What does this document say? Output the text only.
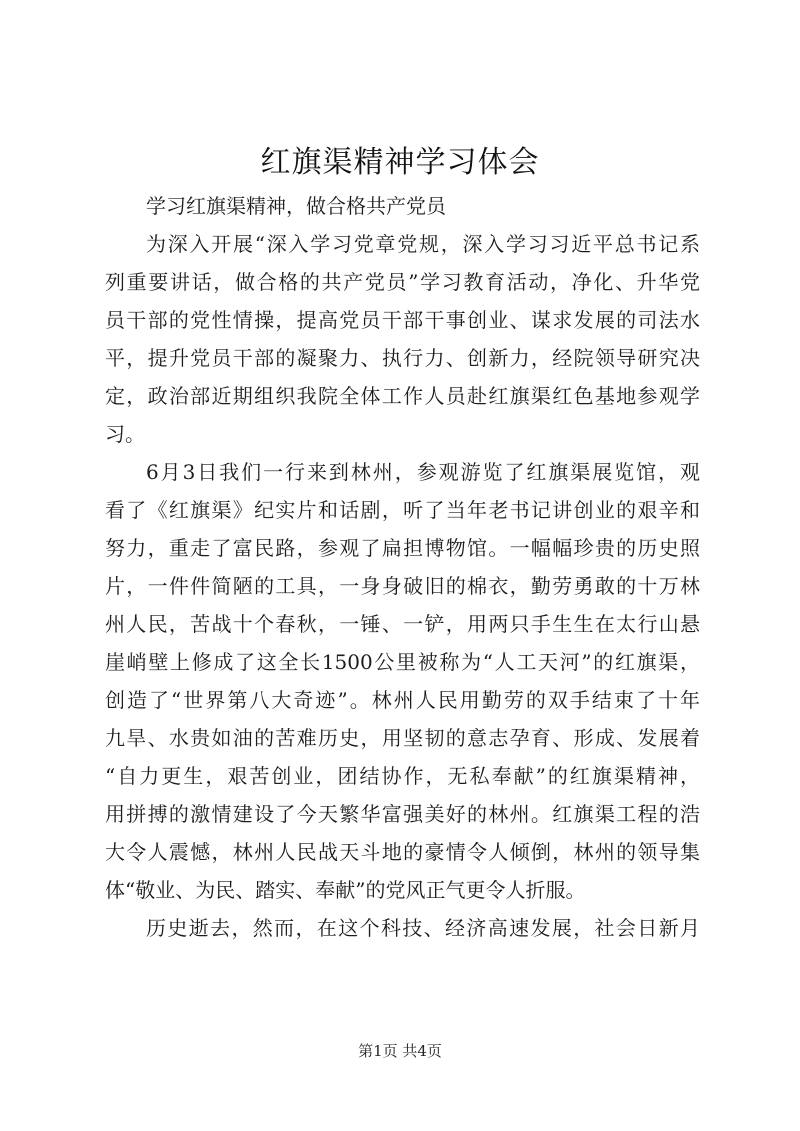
红旗渠精神学习体会
学习红旗渠精神，做合格共产党员
为深入开展“深入学习党章党规，深入学习习近平总书记系
列重要讲话，做合格的共产党员”学习教育活动，净化、升华党
员干部的党性情操，提高党员干部干事创业、谋求发展的司法水
平，提升党员干部的凝聚力、执行力、创新力，经院领导研究决
定，政治部近期组织我院全体工作人员赴红旗渠红色基地参观学
习。
6月3日我们一行来到林州，参观游览了红旗渠展览馆，观
看了《红旗渠》纪实片和话剧，听了当年老书记讲创业的艰辛和
努力，重走了富民路，参观了扁担博物馆。一幅幅珍贵的历史照
片，一件件简陋的工具，一身身破旧的棉衣，勤劳勇敢的十万林
州人民，苦战十个春秋，一锤、一铲，用两只手生生在太行山悬
崖峭壁上修成了这全长1500公里被称为“人工天河”的红旗渠，
创造了“世界第八大奇迹”。林州人民用勤劳的双手结束了十年
九旱、水贵如油的苦难历史，用坚韧的意志孕育、形成、发展着
“自力更生，艰苦创业，团结协作，无私奉献”的红旗渠精神，
用拼搏的激情建设了今天繁华富强美好的林州。红旗渠工程的浩
大令人震憾，林州人民战天斗地的豪情令人倾倒，林州的领导集
体“敬业、为民、踏实、奉献”的党风正气更令人折服。
历史逝去，然而，在这个科技、经济高速发展，社会日新月
第1页 共4页
